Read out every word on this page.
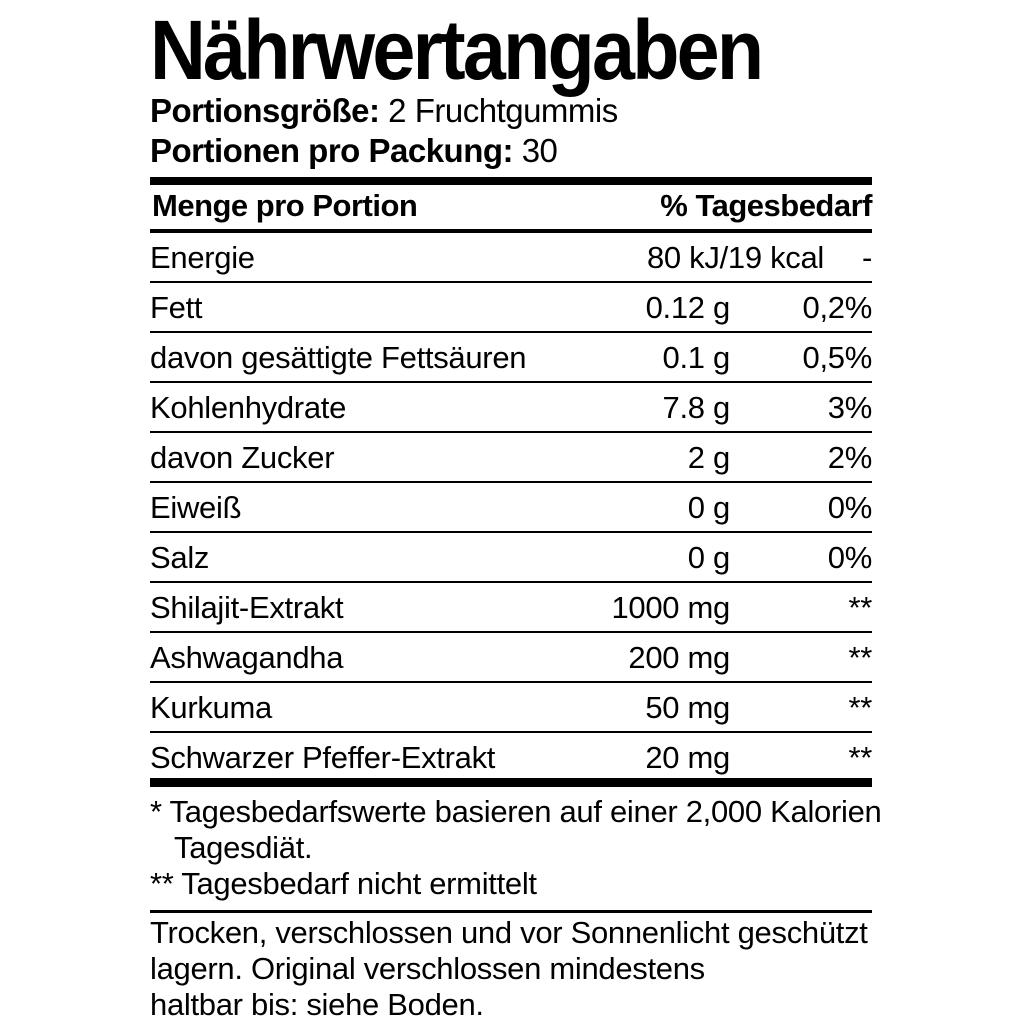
Nährwertangaben
Portionsgröße: 2 Fruchtgummis
Portionen pro Packung: 30
Menge pro Portion	% Tagesbedarf
Energie	80 kJ/19 kcal -
Fett	0.12 g 0,2%
davon gesättigte Fettsäuren	0.1 g 0,5%
Kohlenhydrate	7.8 g	3%
davon Zucker	2 g	2%
Eiweiß	0 g	0%
Salz	0 g	0%
Shilajit-Extrakt	1000 mg	**
Ashwagandha	200 mg	**
Kurkuma	50 mg	**
Schwarzer Pfeffer-Extrakt	20 mg	**
* Tagesbedarfswerte basieren auf einer 2,000 Kalorien
Tagesdiät.
** Tagesbedarf nicht ermittelt
Trocken, verschlossen und vor Sonnenlicht geschützt
lagern. Original verschlossen mindestens
haltbar bis: siehe Boden.
